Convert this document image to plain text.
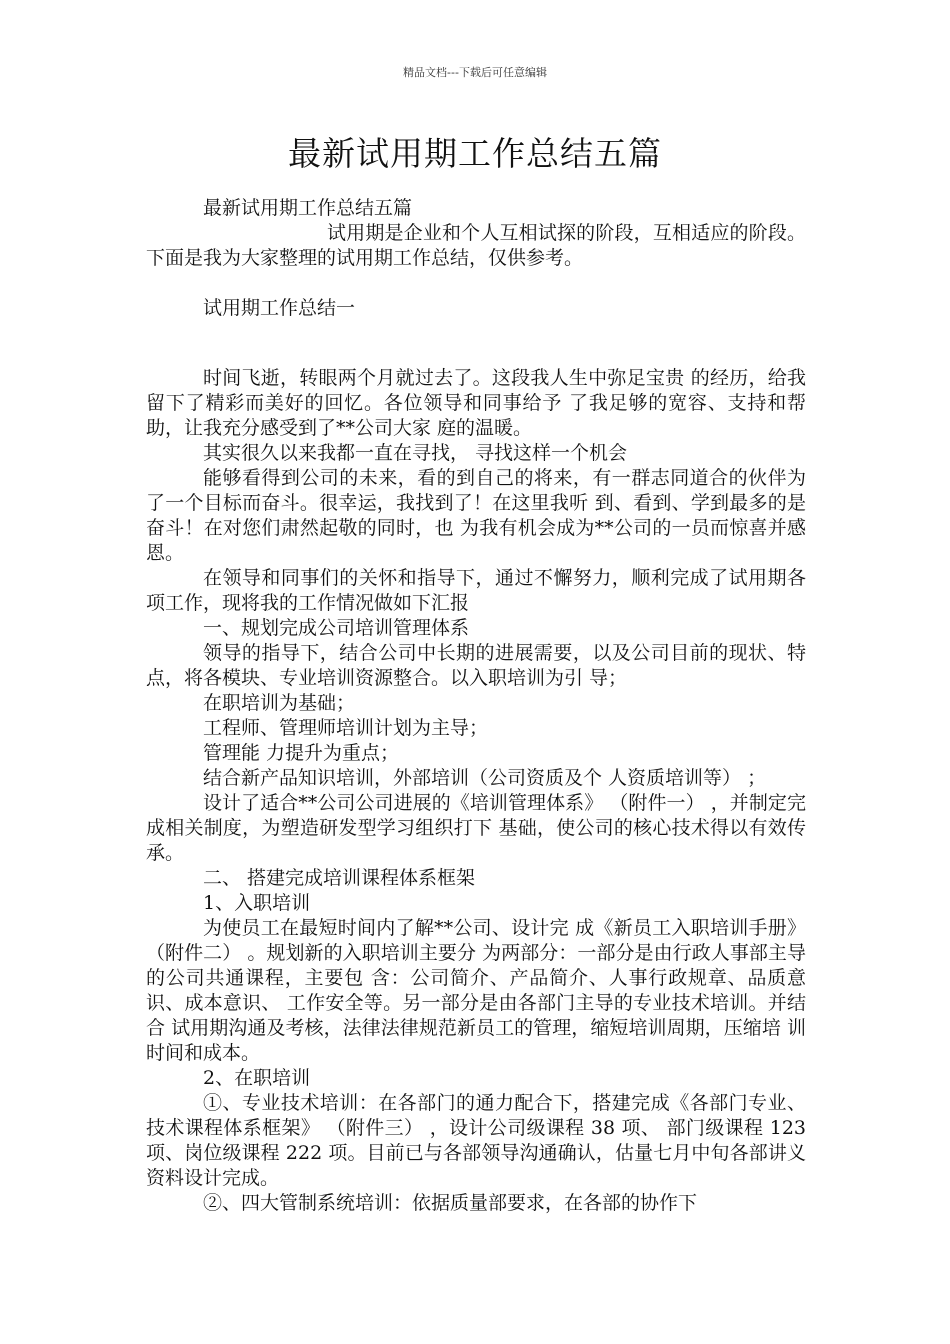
精品文档---下载后可任意编辑
最新试用期工作总结五篇

最新试用期工作总结五篇

试用期是企业和个人互相试探的阶段，互相适应的阶段。下面是我为大家整理的试用期工作总结，仅供参考。

试用期工作总结一

时间飞逝，转眼两个月就过去了。这段我人生中弥足宝贵 的经历，给我留下了精彩而美好的回忆。各位领导和同事给予 了我足够的宽容、支持和帮助，让我充分感受到了**公司大家 庭的温暖。

其实很久以来我都一直在寻找， 寻找这样一个机会

能够看得到公司的未来，看的到自己的将来，有一群志同道合的伙伴为了一个目标而奋斗。很幸运，我找到了！在这里我听 到、看到、学到最多的是奋斗！在对您们肃然起敬的同时，也 为我有机会成为**公司的一员而惊喜并感恩。

在领导和同事们的关怀和指导下，通过不懈努力，顺利完成了试用期各项工作，现将我的工作情况做如下汇报

一、规划完成公司培训管理体系

领导的指导下，结合公司中长期的进展需要，以及公司目前的现状、特点，将各模块、专业培训资源整合。以入职培训为引 导；

在职培训为基础；

工程师、管理师培训计划为主导；

管理能 力提升为重点；

结合新产品知识培训，外部培训（公司资质及个 人资质培训等） ；

设计了适合**公司公司进展的《培训管理体系》 （附件一） ，并制定完成相关制度，为塑造研发型学习组织打下 基础，使公司的核心技术得以有效传承。

二、 搭建完成培训课程体系框架

1、入职培训

为使员工在最短时间内了解**公司、设计完 成《新员工入职培训手册》 （附件二） 。规划新的入职培训主要分 为两部分：一部分是由行政人事部主导的公司共通课程，主要包 含：公司简介、产品简介、人事行政规章、品质意识、成本意识、 工作安全等。另一部分是由各部门主导的专业技术培训。并结合 试用期沟通及考核，法律法律规范新员工的管理，缩短培训周期，压缩培 训时间和成本。

2、在职培训

①、专业技术培训：在各部门的通力配合下，搭建完成《各部门专业、技术课程体系框架》 （附件三） ，设计公司级课程 38 项、 部门级课程 123 项、岗位级课程 222 项。目前已与各部领导沟通确认，估量七月中旬各部讲义资料设计完成。

②、四大管制系统培训：依据质量部要求，在各部的协作下
